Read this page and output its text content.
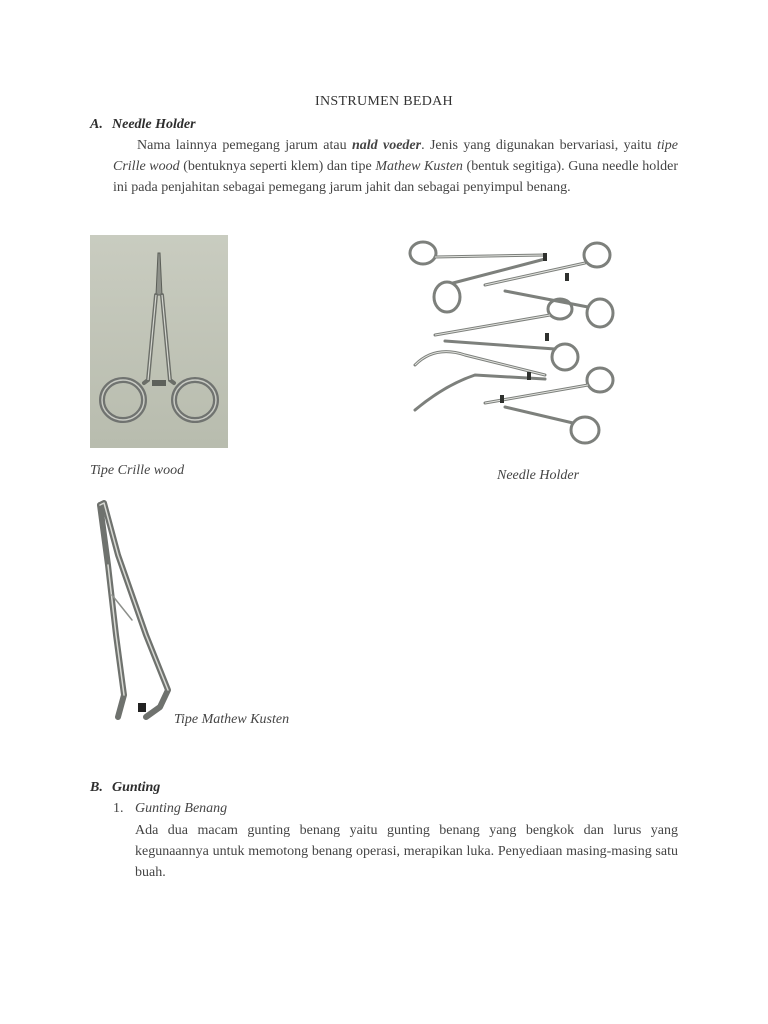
INSTRUMEN BEDAH
A. Needle Holder
Nama lainnya pemegang jarum atau nald voeder. Jenis yang digunakan bervariasi, yaitu tipe Crille wood (bentuknya seperti klem) dan tipe Mathew Kusten (bentuk segitiga). Guna needle holder ini pada penjahitan sebagai pemegang jarum jahit dan sebagai penyimpul benang.
Tipe Crille wood	Needle Holder
Tipe Mathew Kusten
B. Gunting
1. Gunting Benang
Ada dua macam gunting benang yaitu gunting benang yang bengkok dan lurus yang kegunaannya untuk memotong benang operasi, merapikan luka. Penyediaan masing-masing satu buah.
